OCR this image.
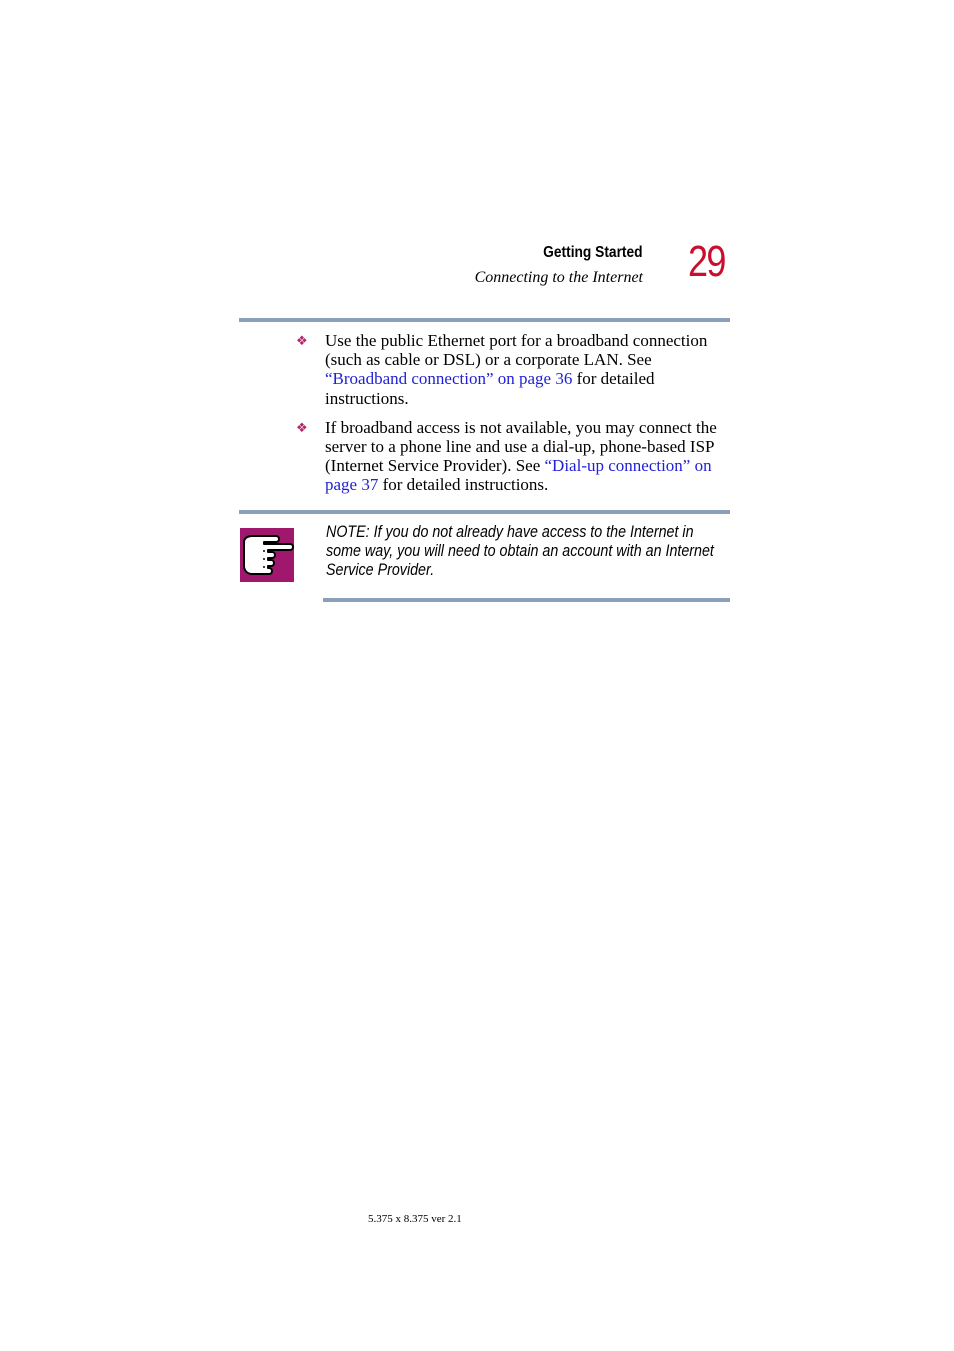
Getting Started
Connecting to the Internet 29
❖ Use the public Ethernet port for a broadband connection (such as cable or DSL) or a corporate LAN. See “Broadband connection” on page 36 for detailed instructions.
❖ If broadband access is not available, you may connect the server to a phone line and use a dial-up, phone-based ISP (Internet Service Provider). See “Dial-up connection” on page 37 for detailed instructions.
NOTE: If you do not already have access to the Internet in some way, you will need to obtain an account with an Internet Service Provider.
5.375 x 8.375 ver 2.1
